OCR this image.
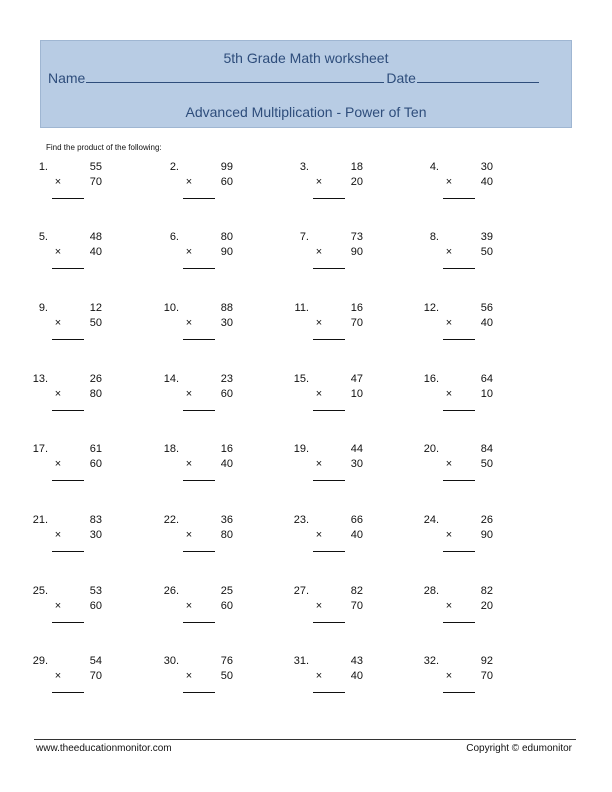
5th Grade Math worksheet
Name	Date
Advanced Multiplication - Power of Ten
Find the product of the following:
1.	55
×	70
2.	99
×	60
3.	18
×	20
4.	30
×	40
5.	48
×	40
6.	80
×	90
7.	73
×	90
8.	39
×	50
9.	12
×	50
10.	88
×	30
11.	16
×	70
12.	56
×	40
13.	26
×	80
14.	23
×	60
15.	47
×	10
16.	64
×	10
17.	61
×	60
18.	16
×	40
19.	44
×	30
20.	84
×	50
21.	83
×	30
22.	36
×	80
23.	66
×	40
24.	26
×	90
25.	53
×	60
26.	25
×	60
27.	82
×	70
28.	82
×	20
29.	54
×	70
30.	76
×	50
31.	43
×	40
32.	92
×	70
www.theeducationmonitor.com	Copyright © edumonitor
